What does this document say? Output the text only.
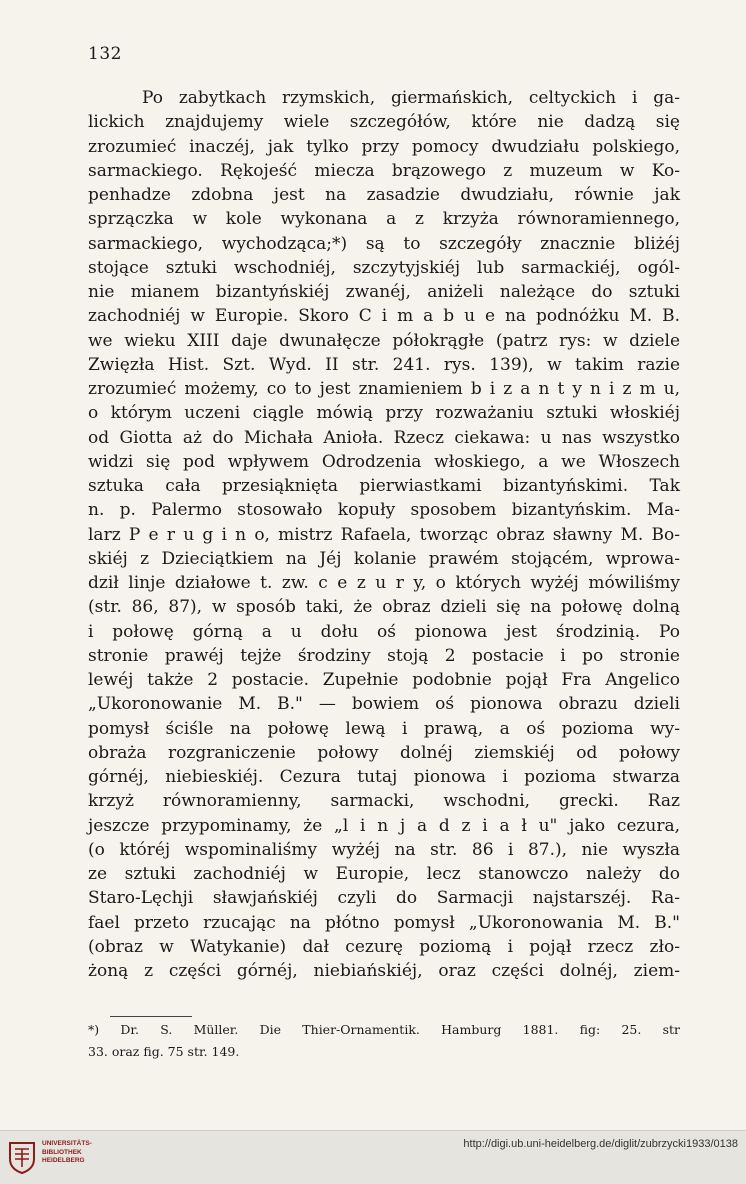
132
Po zabytkach rzymskich, giermańskich, celtyckich i ga-
lickich znajdujemy wiele szczegółów, które nie dadzą się
zrozumieć inaczéj, jak tylko przy pomocy dwudziału polskiego,
sarmackiego. Rękojeść miecza brązowego z muzeum w Ko-
penhadze zdobna jest na zasadzie dwudziału, równie jak
sprzączka w kole wykonana a z krzyża równoramiennego,
sarmackiego, wychodząca;*) są to szczegóły znacznie bliżéj
stojące sztuki wschodniéj, szczytyjskiéj lub sarmackiéj, ogól-
nie mianem bizantyńskiéj zwanéj, aniżeli należące do sztuki
zachodniéj w Europie. Skoro C i m a b u e na podnóżku M. B.
we wieku XIII daje dwunałęcze półokrągłe (patrz rys: w dziele
Zwięzła Hist. Szt. Wyd. II str. 241. rys. 139), w takim razie
zrozumieć możemy, co to jest znamieniem b i z a n t y n i z m u,
o którym uczeni ciągle mówią przy rozważaniu sztuki włoskiéj
od Giotta aż do Michała Anioła. Rzecz ciekawa: u nas wszystko
widzi się pod wpływem Odrodzenia włoskiego, a we Włoszech
sztuka cała przesiąknięta pierwiastkami bizantyńskimi. Tak
n. p. Palermo stosowało kopuły sposobem bizantyńskim. Ma-
larz P e r u g i n o, mistrz Rafaela, tworząc obraz sławny M. Bo-
skiéj z Dzieciątkiem na Jéj kolanie prawém stojącém, wprowa-
dził linje działowe t. zw. c e z u r y, o których wyżéj mówiliśmy
(str. 86, 87), w sposób taki, że obraz dzieli się na połowę dolną
i połowę górną a u dołu oś pionowa jest środzinią. Po
stronie prawéj tejże środziny stoją 2 postacie i po stronie
lewéj także 2 postacie. Zupełnie podobnie pojął Fra Angelico
„Ukoronowanie M. B." — bowiem oś pionowa obrazu dzieli
pomysł ściśle na połowę lewą i prawą, a oś pozioma wy-
obraża rozgraniczenie połowy dolnéj ziemskiéj od połowy
górnéj, niebieskiéj. Cezura tutaj pionowa i pozioma stwarza
krzyż równoramienny, sarmacki, wschodni, grecki. Raz
jeszcze przypominamy, że „l i n j a d z i a ł u" jako cezura,
(o któréj wspominaliśmy wyżéj na str. 86 i 87.), nie wyszła
ze sztuki zachodniéj w Europie, lecz stanowczo należy do
Staro-Lęchji sławjańskiéj czyli do Sarmacji najstarszéj. Ra-
fael przeto rzucając na płótno pomysł „Ukoronowania M. B."
(obraz w Watykanie) dał cezurę poziomą i pojął rzecz zło-
żoną z części górnéj, niebiańskiéj, oraz części dolnéj, ziem-
*) Dr. S. Müller. Die Thier-Ornamentik. Hamburg 1881. fig: 25. str
33. oraz fig. 75 str. 149.
UNIVERSITÄTS-
BIBLIOTHEK
HEIDELBERG
http://digi.ub.uni-heidelberg.de/diglit/zubrzycki1933/0138
